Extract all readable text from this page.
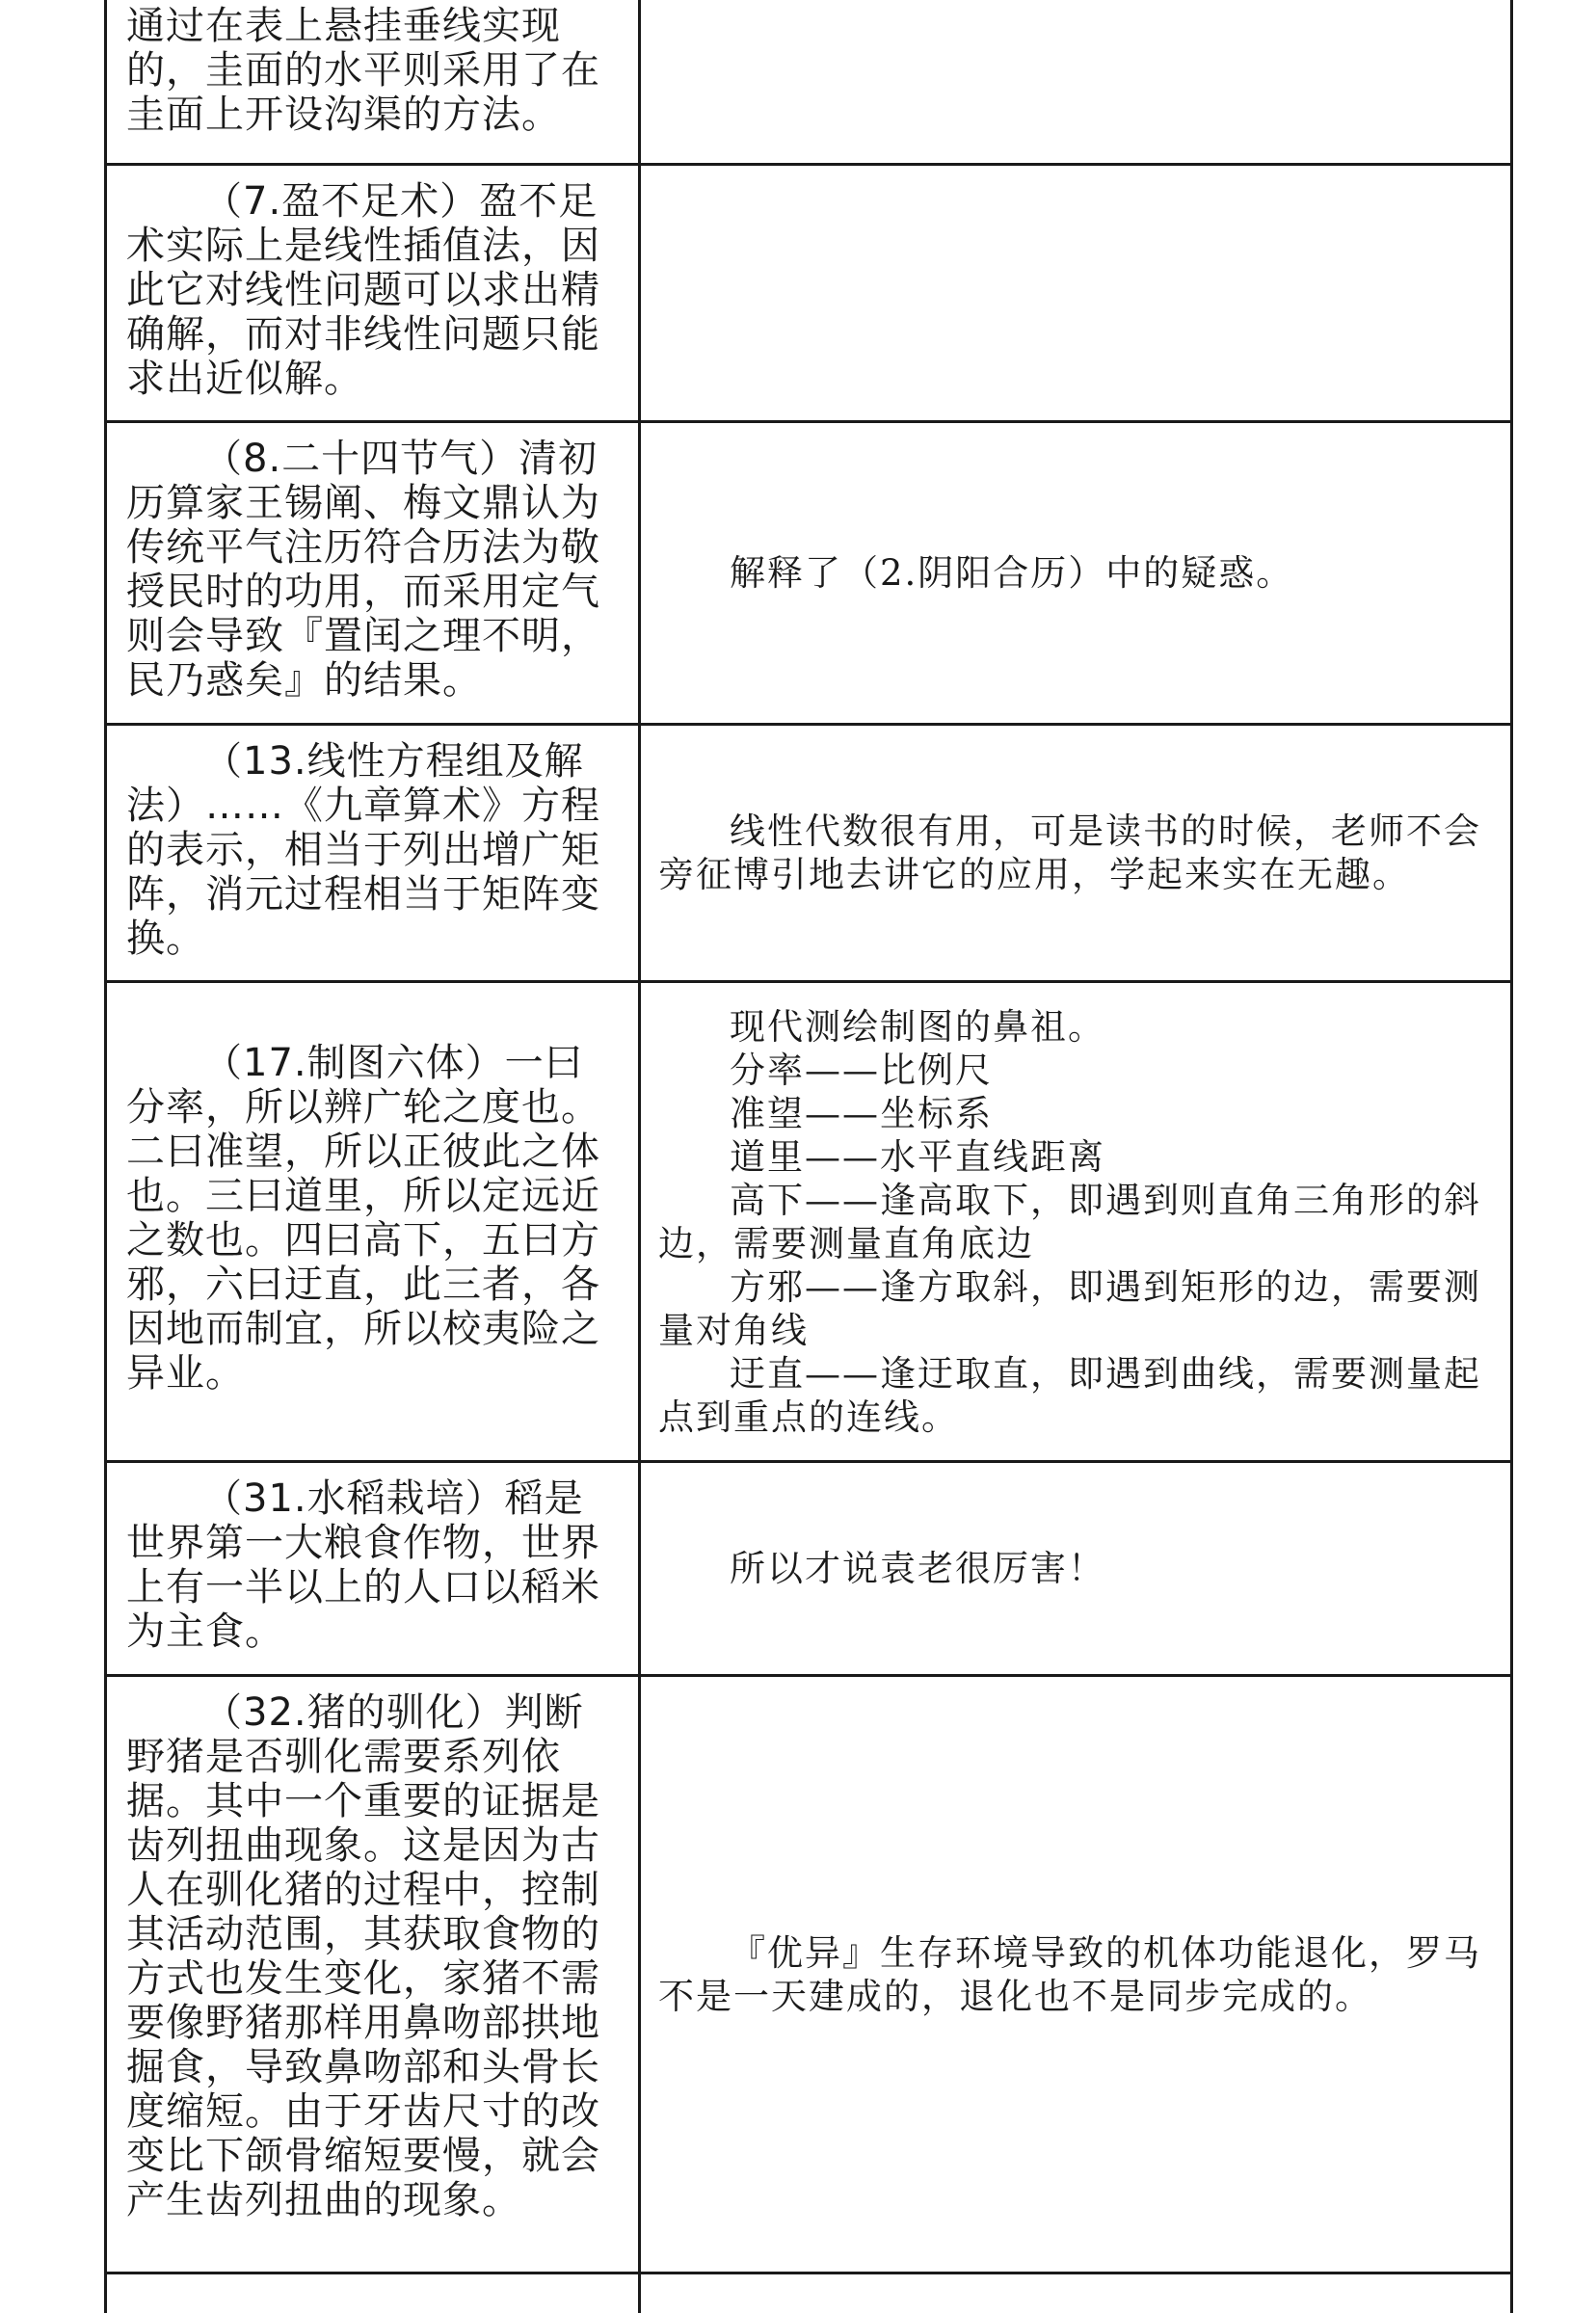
通过在表上悬挂垂线实现的，圭面的水平则采用了在圭面上开设沟渠的方法。

（7.盈不足术）盈不足术实际上是线性插值法，因此它对线性问题可以求出精确解，而对非线性问题只能求出近似解。

（8.二十四节气）清初历算家王锡阐、梅文鼎认为传统平气注历符合历法为敬授民时的功用，而采用定气则会导致『置闰之理不明，民乃惑矣』的结果。

解释了（2.阴阳合历）中的疑惑。

（13.线性方程组及解法）……《九章算术》方程的表示，相当于列出增广矩阵，消元过程相当于矩阵变换。

线性代数很有用，可是读书的时候，老师不会旁征博引地去讲它的应用，学起来实在无趣。

（17.制图六体）一曰分率，所以辨广轮之度也。二曰准望，所以正彼此之体也。三曰道里，所以定远近之数也。四曰高下，五曰方邪，六曰迂直，此三者，各因地而制宜，所以校夷险之异业。

现代测绘制图的鼻祖。

分率——比例尺

准望——坐标系

道里——水平直线距离

高下——逢高取下，即遇到则直角三角形的斜边，需要测量直角底边

方邪——逢方取斜，即遇到矩形的边，需要测量对角线

迂直——逢迂取直，即遇到曲线，需要测量起点到重点的连线。

（31.水稻栽培）稻是世界第一大粮食作物，世界上有一半以上的人口以稻米为主食。

所以才说袁老很厉害！

（32.猪的驯化）判断野猪是否驯化需要系列依据。其中一个重要的证据是齿列扭曲现象。这是因为古人在驯化猪的过程中，控制其活动范围，其获取食物的方式也发生变化，家猪不需要像野猪那样用鼻吻部拱地掘食，导致鼻吻部和头骨长度缩短。由于牙齿尺寸的改变比下颌骨缩短要慢，就会产生齿列扭曲的现象。

『优异』生存环境导致的机体功能退化，罗马不是一天建成的，退化也不是同步完成的。
